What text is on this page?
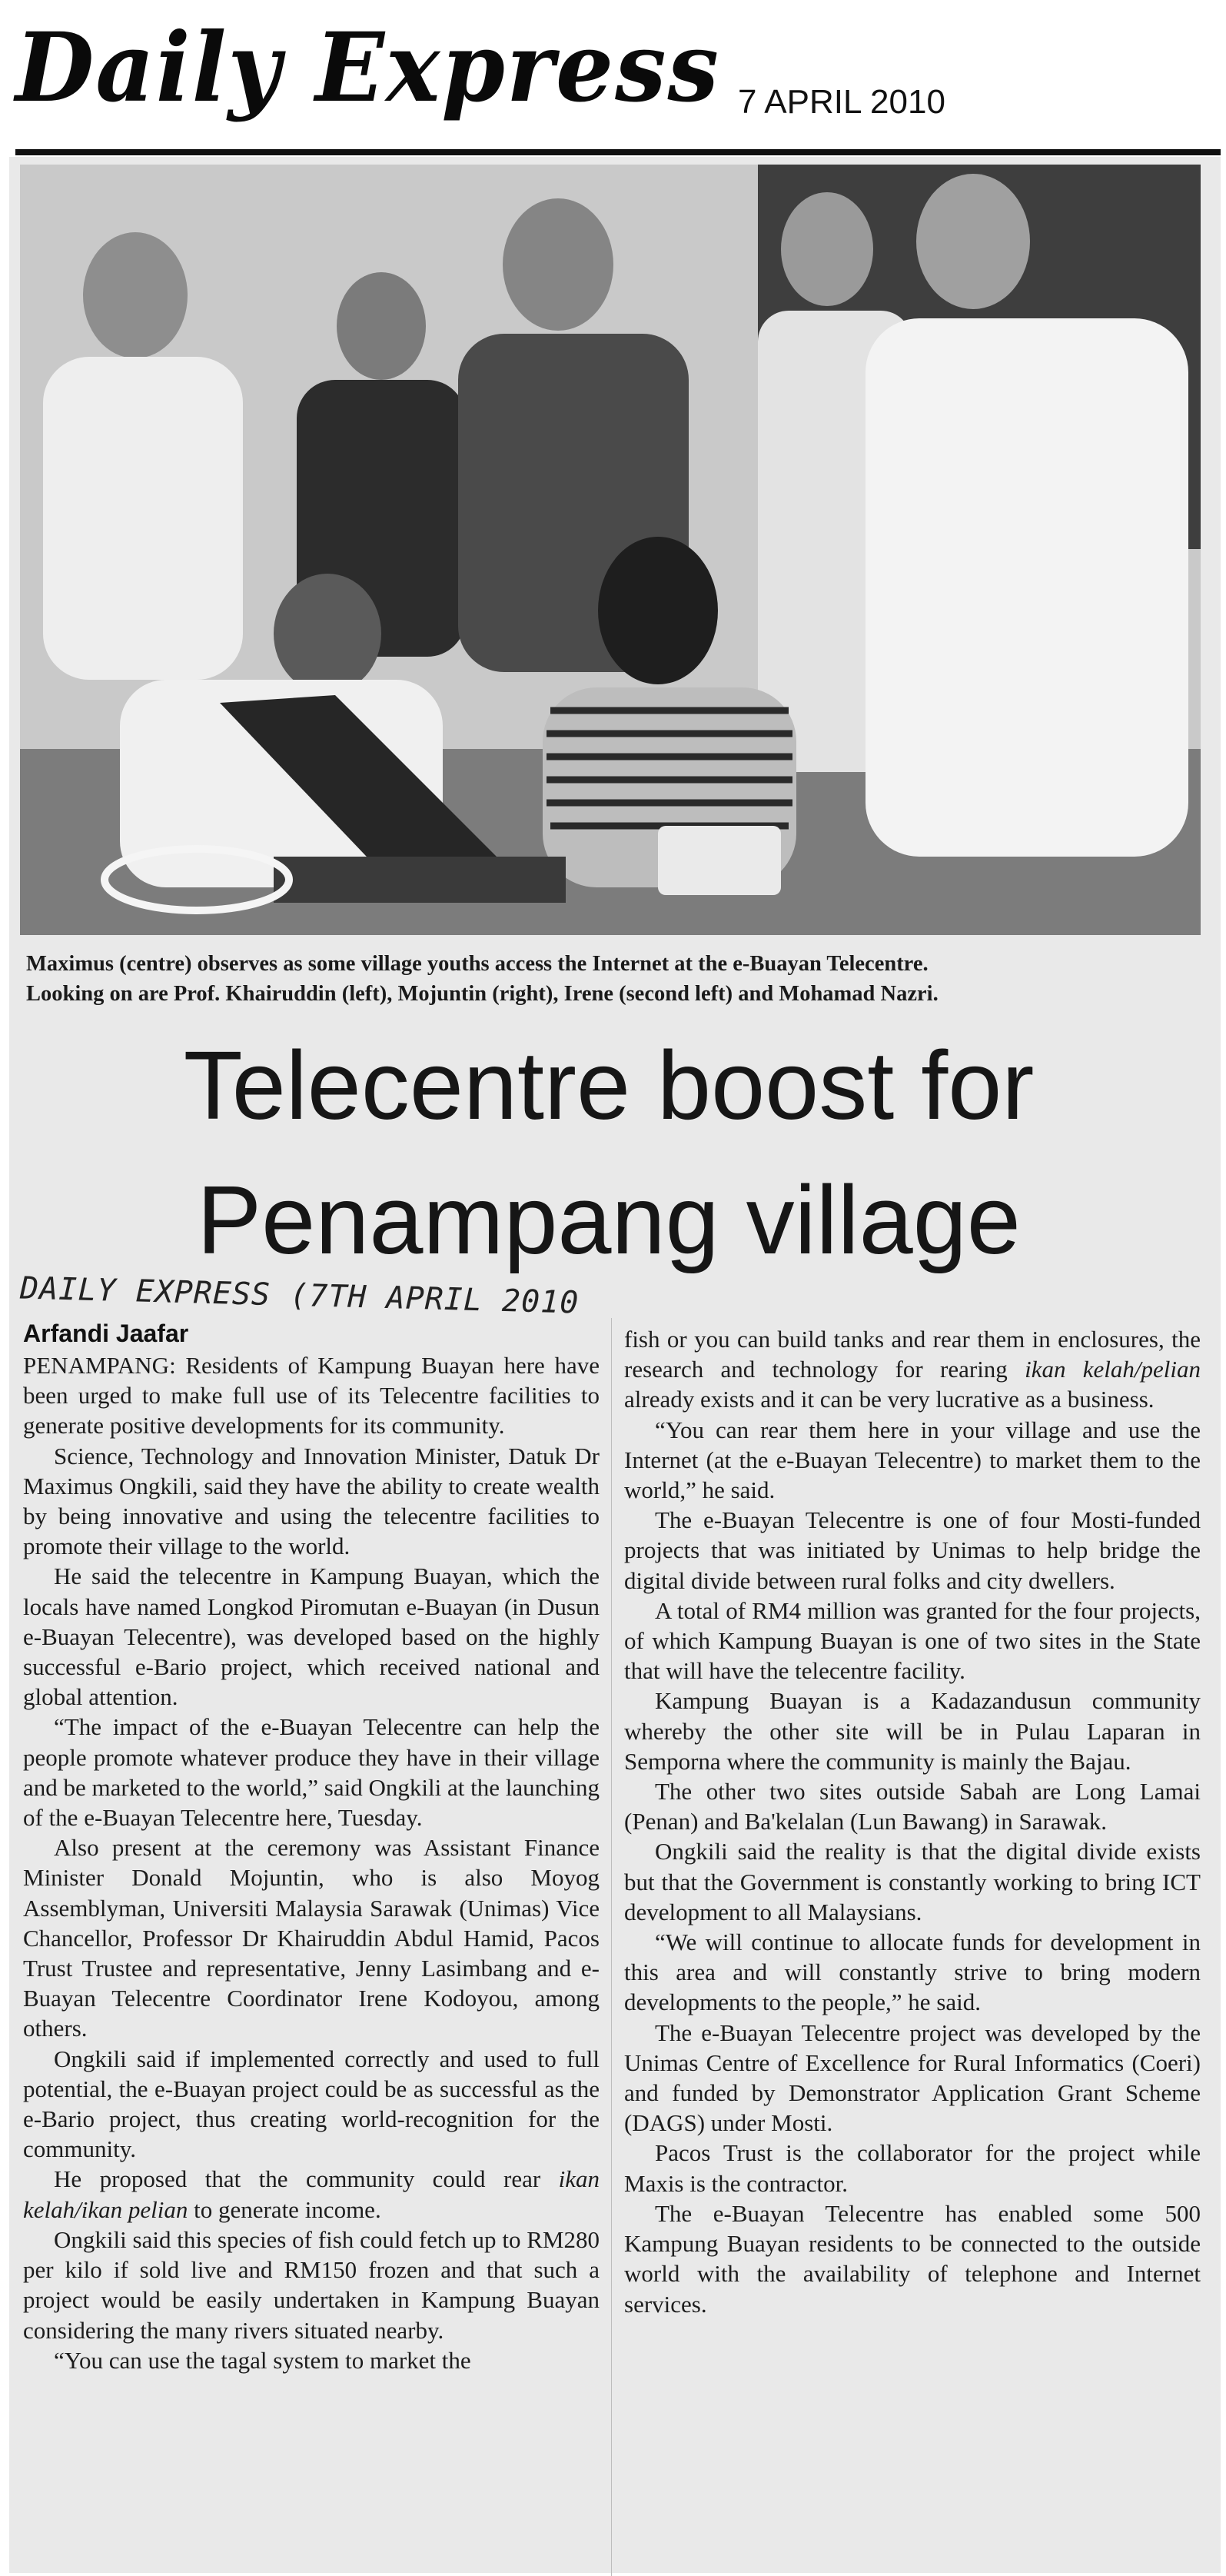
Daily Express 7 APRIL 2010
Maximus (centre) observes as some village youths access the Internet at the e-Buayan Telecentre.
Looking on are Prof. Khairuddin (left), Mojuntin (right), Irene (second left) and Mohamad Nazri.
Telecentre boost for
Penampang village
DAILY EXPRESS (7TH APRIL 2010
Arfandi Jaafar

PENAMPANG: Residents of Kampung Buayan here have been urged to make full use of its Telecentre facilities to generate positive developments for its community.

Science, Technology and Innovation Minister, Datuk Dr Maximus Ongkili, said they have the ability to create wealth by being innovative and using the telecentre facilities to promote their village to the world.

He said the telecentre in Kampung Buayan, which the locals have named Longkod Piromutan e-Buayan (in Dusun e-Buayan Telecentre), was developed based on the highly successful e-Bario project, which received national and global attention.

“The impact of the e-Buayan Telecentre can help the people promote whatever produce they have in their village and be marketed to the world,” said Ongkili at the launching of the e-Buayan Telecentre here, Tuesday.

Also present at the ceremony was Assistant Finance Minister Donald Mojuntin, who is also Moyog Assemblyman, Universiti Malaysia Sarawak (Unimas) Vice Chancellor, Professor Dr Khairuddin Abdul Hamid, Pacos Trust Trustee and representative, Jenny Lasimbang and e-Buayan Telecentre Coordinator Irene Kodoyou, among others.

Ongkili said if implemented correctly and used to full potential, the e-Buayan project could be as successful as the e-Bario project, thus creating world-recognition for the community.

He proposed that the community could rear ikan kelah/ikan pelian to generate income.

Ongkili said this species of fish could fetch up to RM280 per kilo if sold live and RM150 frozen and that such a project would be easily undertaken in Kampung Buayan considering the many rivers situated nearby.

“You can use the tagal system to market the

fish or you can build tanks and rear them in enclosures, the research and technology for rearing ikan kelah/pelian already exists and it can be very lucrative as a business.

“You can rear them here in your village and use the Internet (at the e-Buayan Telecentre) to market them to the world,” he said.

The e-Buayan Telecentre is one of four Mosti-funded projects that was initiated by Unimas to help bridge the digital divide between rural folks and city dwellers.

A total of RM4 million was granted for the four projects, of which Kampung Buayan is one of two sites in the State that will have the telecentre facility.

Kampung Buayan is a Kadazandusun community whereby the other site will be in Pulau Laparan in Semporna where the community is mainly the Bajau.

The other two sites outside Sabah are Long Lamai (Penan) and Ba'kelalan (Lun Bawang) in Sarawak.

Ongkili said the reality is that the digital divide exists but that the Government is constantly working to bring ICT development to all Malaysians.

“We will continue to allocate funds for development in this area and will constantly strive to bring modern developments to the people,” he said.

The e-Buayan Telecentre project was developed by the Unimas Centre of Excellence for Rural Informatics (Coeri) and funded by Demonstrator Application Grant Scheme (DAGS) under Mosti.

Pacos Trust is the collaborator for the project while Maxis is the contractor.

The e-Buayan Telecentre has enabled some 500 Kampung Buayan residents to be connected to the outside world with the availability of telephone and Internet services.
